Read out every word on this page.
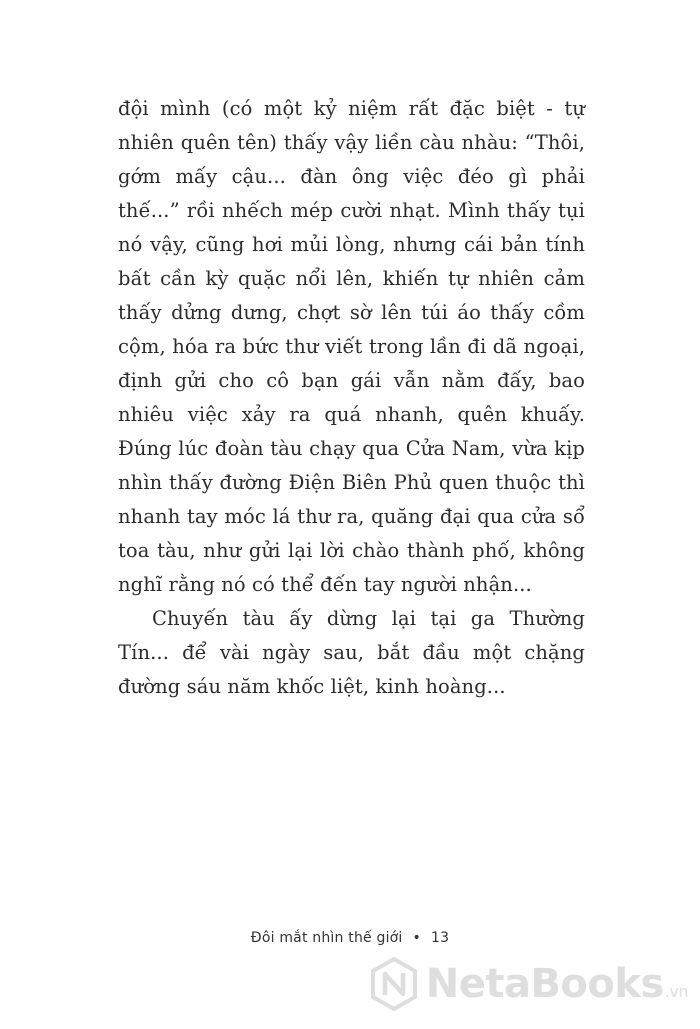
đội mình (có một kỷ niệm rất đặc biệt - tự nhiên quên tên) thấy vậy liền càu nhàu: “Thôi, gớm mấy cậu... đàn ông việc đéo gì phải thế...” rồi nhếch mép cười nhạt. Mình thấy tụi nó vậy, cũng hơi mủi lòng, nhưng cái bản tính bất cần kỳ quặc nổi lên, khiến tự nhiên cảm thấy dửng dưng, chợt sờ lên túi áo thấy cồm cộm, hóa ra bức thư viết trong lần đi dã ngoại, định gửi cho cô bạn gái vẫn nằm đấy, bao nhiêu việc xảy ra quá nhanh, quên khuấy. Đúng lúc đoàn tàu chạy qua Cửa Nam, vừa kịp nhìn thấy đường Điện Biên Phủ quen thuộc thì nhanh tay móc lá thư ra, quăng đại qua cửa sổ toa tàu, như gửi lại lời chào thành phố, không nghĩ rằng nó có thể đến tay người nhận...

Chuyến tàu ấy dừng lại tại ga Thường Tín... để vài ngày sau, bắt đầu một chặng đường sáu năm khốc liệt, kinh hoàng...

Đôi mắt nhìn thế giới • 13
NetaBooks.vn
